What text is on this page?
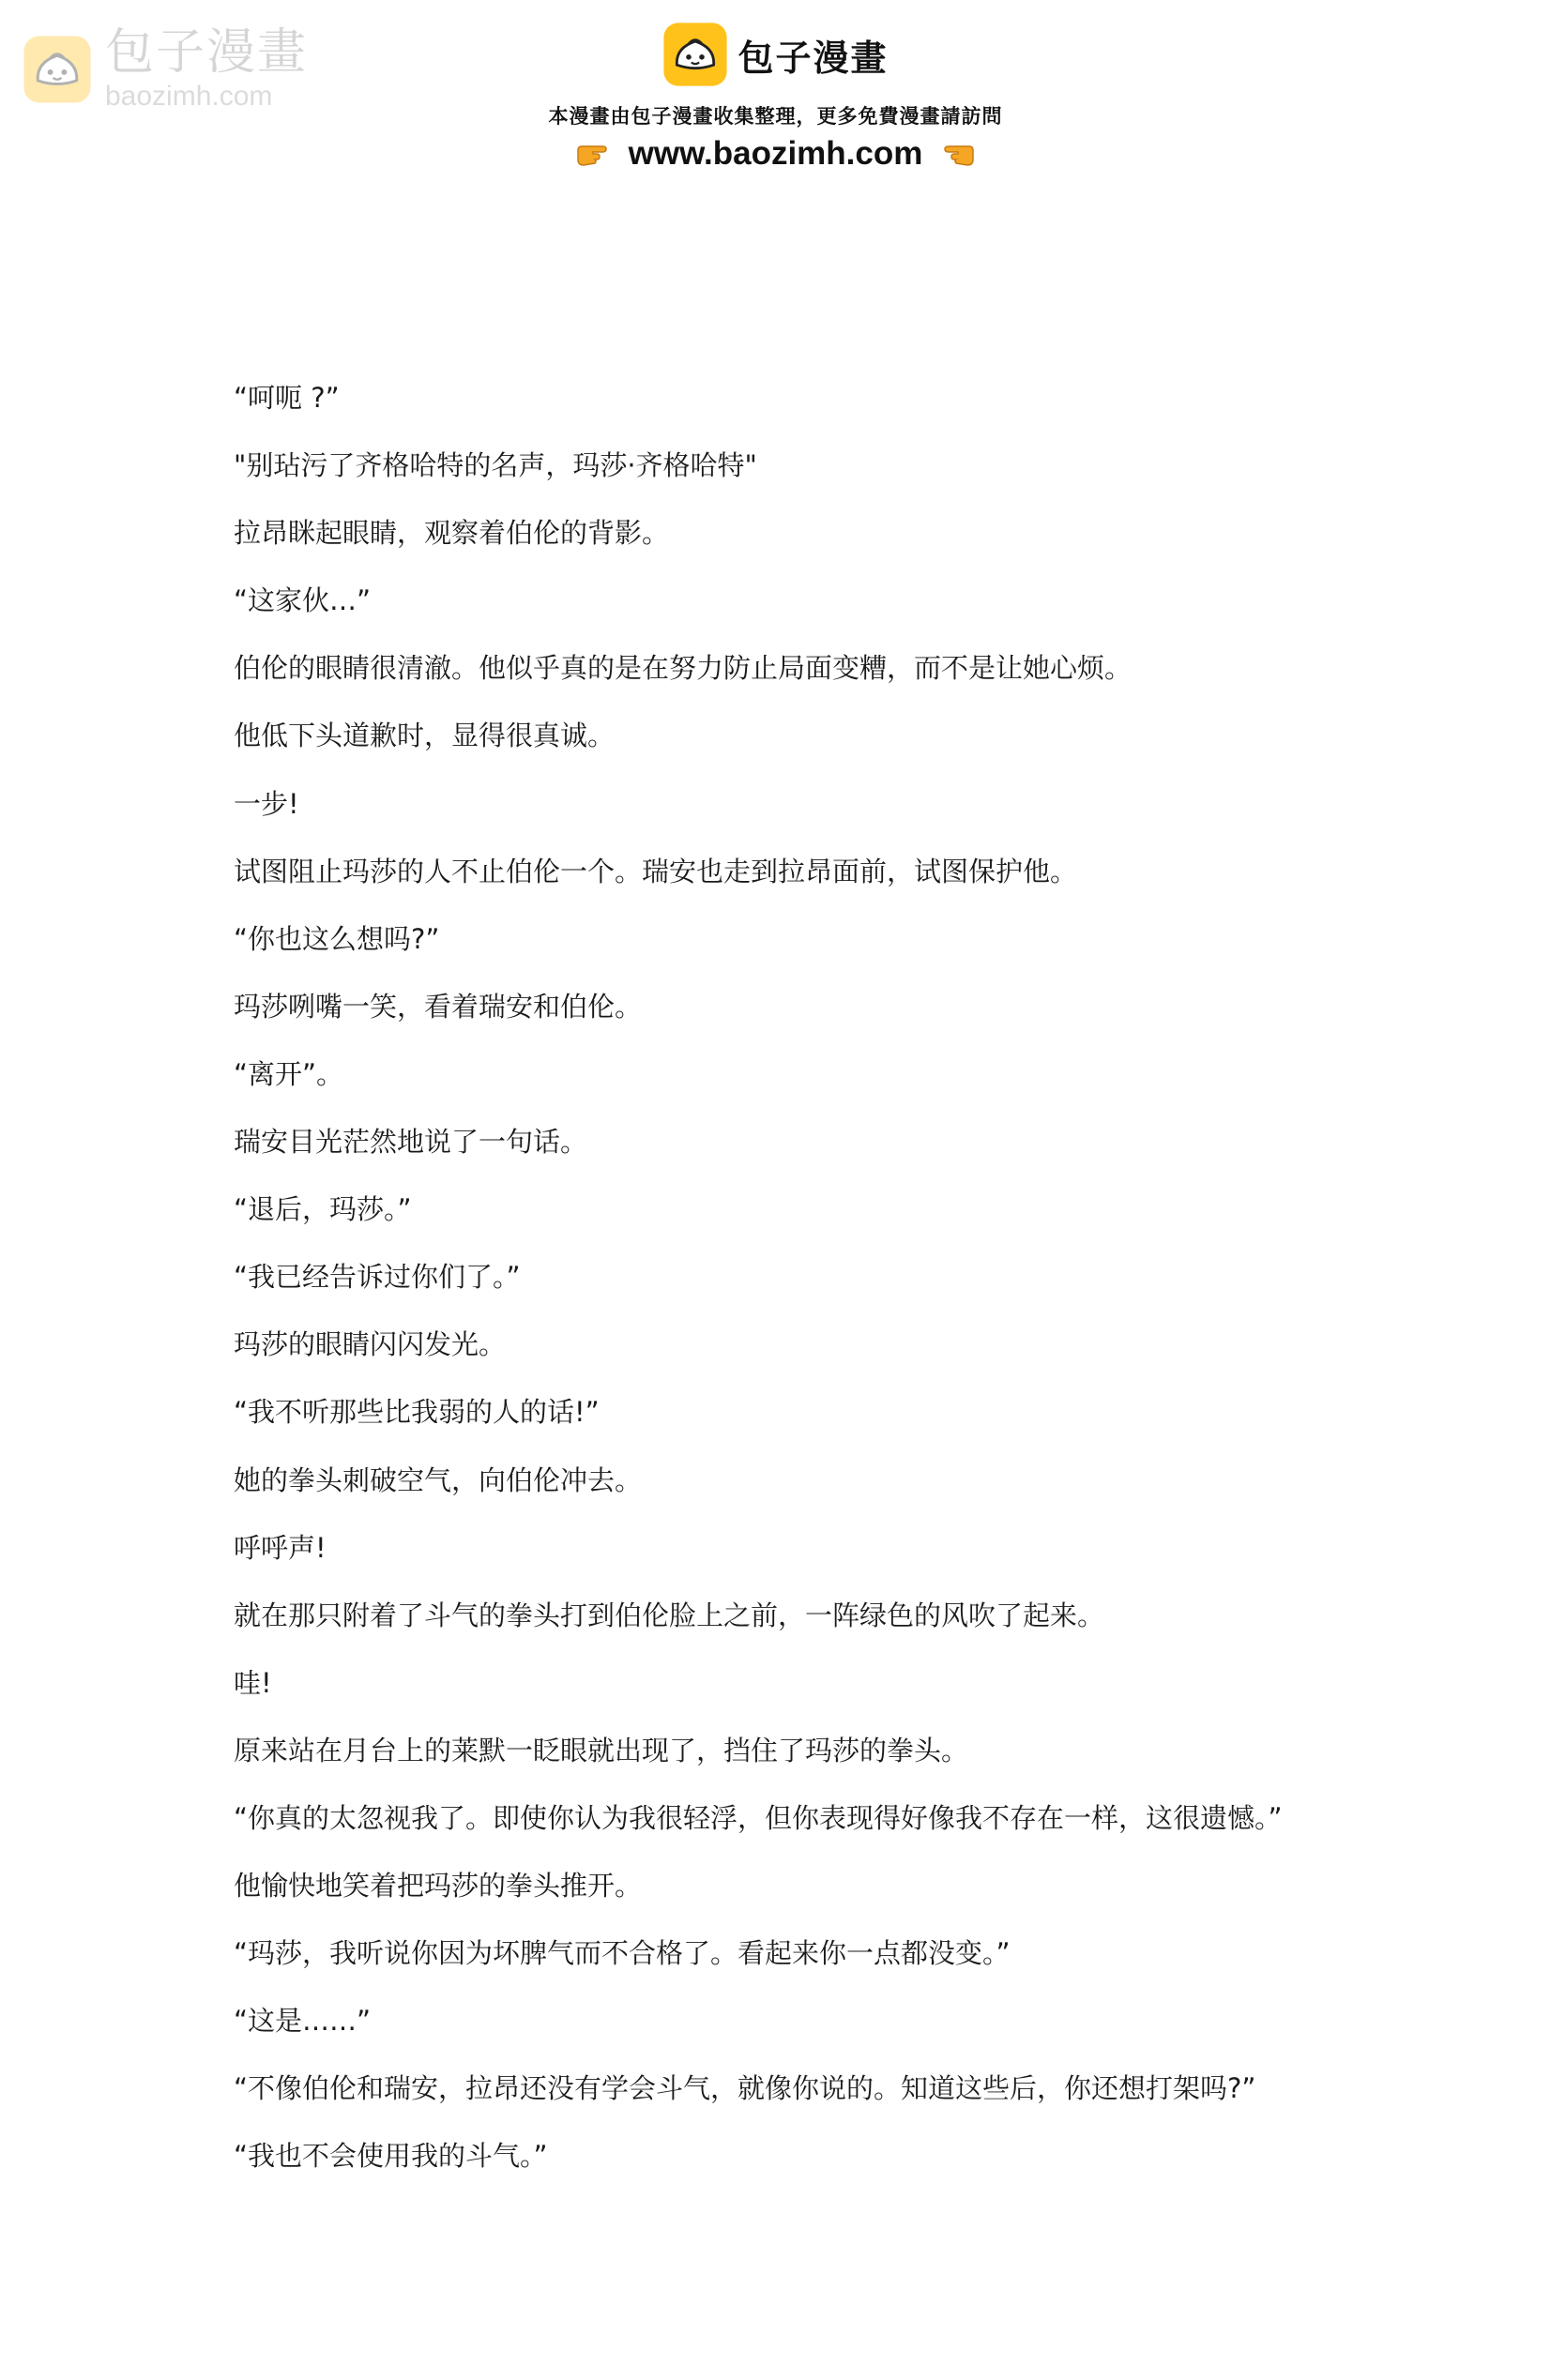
包子漫畫
baozimh.com
包子漫畫
本漫畫由包子漫畫收集整理，更多免費漫畫請訪問
www.baozimh.com

“呵呃 ?”

"别玷污了齐格哈特的名声，玛莎·齐格哈特"

拉昂眯起眼睛，观察着伯伦的背影。

“这家伙…”

伯伦的眼睛很清澈。他似乎真的是在努力防止局面变糟，而不是让她心烦。

他低下头道歉时，显得很真诚。

一步!

试图阻止玛莎的人不止伯伦一个。瑞安也走到拉昂面前，试图保护他。

“你也这么想吗?”

玛莎咧嘴一笑，看着瑞安和伯伦。

“离开”。

瑞安目光茫然地说了一句话。

“退后，玛莎。”

“我已经告诉过你们了。”

玛莎的眼睛闪闪发光。

“我不听那些比我弱的人的话!”

她的拳头刺破空气，向伯伦冲去。

呼呼声!

就在那只附着了斗气的拳头打到伯伦脸上之前，一阵绿色的风吹了起来。

哇!

原来站在月台上的莱默一眨眼就出现了，挡住了玛莎的拳头。

“你真的太忽视我了。即使你认为我很轻浮，但你表现得好像我不存在一样，这很遗憾。”

他愉快地笑着把玛莎的拳头推开。

“玛莎，我听说你因为坏脾气而不合格了。看起来你一点都没变。”

“这是……”

“不像伯伦和瑞安，拉昂还没有学会斗气，就像你说的。知道这些后，你还想打架吗?”

“我也不会使用我的斗气。”
